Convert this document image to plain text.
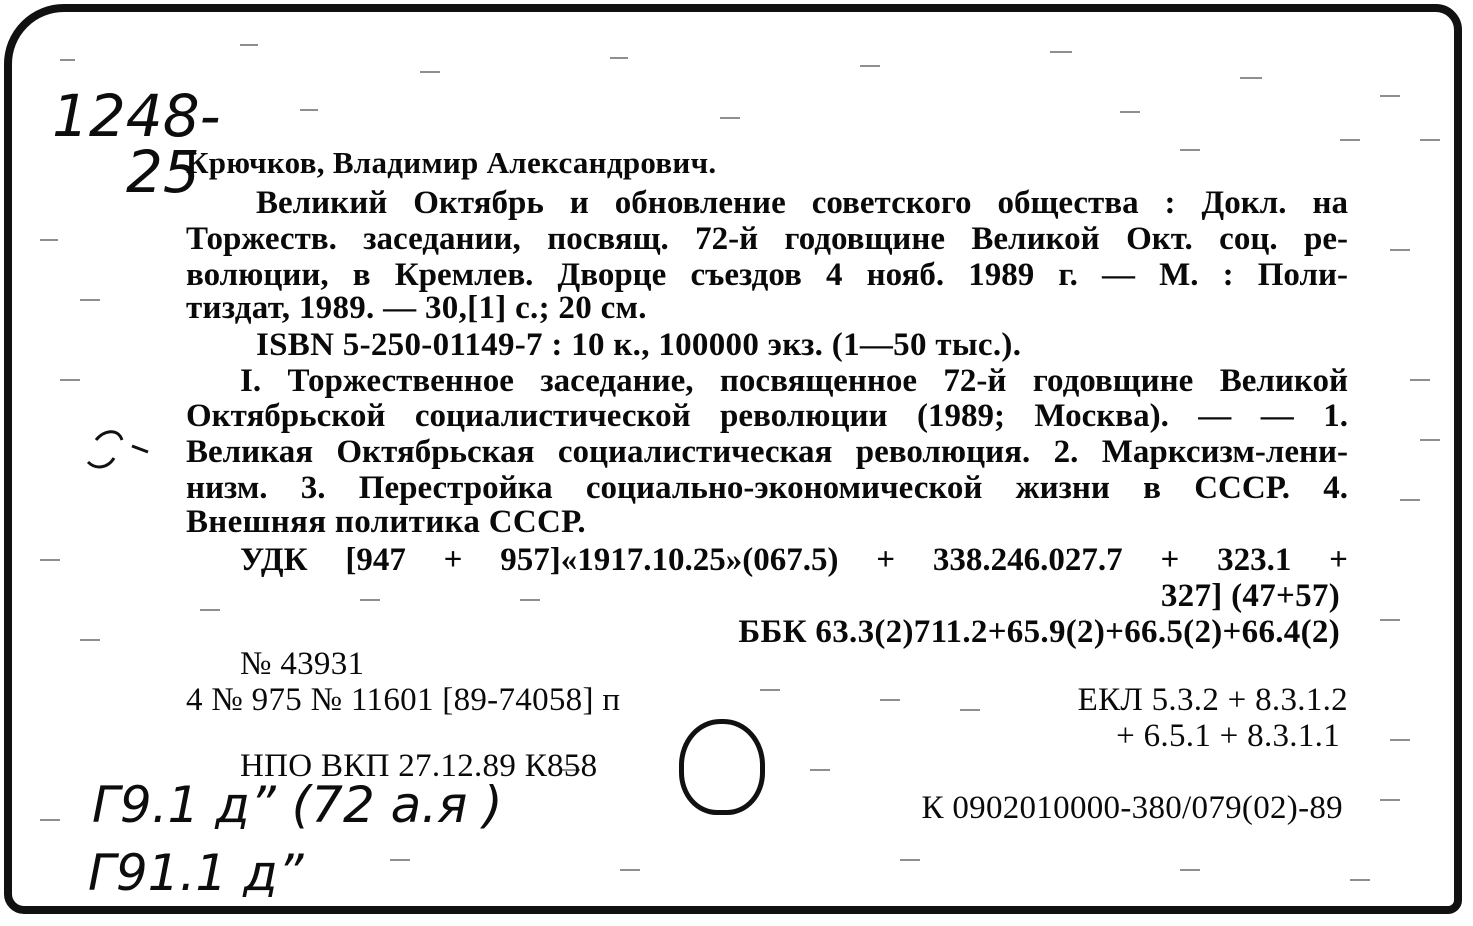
1248-
25
Крючков, Владимир Александрович.
Великий Октябрь и обновление советского общества : Докл. на
Торжеств. заседании, посвящ. 72-й годовщине Великой Окт. соц. ре-
волюции, в Кремлев. Дворце съездов 4 нояб. 1989 г. — М. : Поли-
тиздат, 1989. — 30,[1] с.; 20 см.
ISBN 5-250-01149-7 : 10 к., 100000 экз. (1—50 тыс.).
I. Торжественное заседание, посвященное 72-й годовщине Великой
Октябрьской социалистической революции (1989; Москва). — — 1.
Великая Октябрьская социалистическая революция. 2. Марксизм-лени-
низм. 3. Перестройка социально-экономической жизни в СССР. 4.
Внешняя политика СССР.
УДК [947 + 957]«1917.10.25»(067.5) + 338.246.027.7 + 323.1 +
327] (47+57)
ББК 63.3(2)711.2+65.9(2)+66.5(2)+66.4(2)
№ 43931
4 № 975 № 11601 [89-74058] п	ЕКЛ 5.3.2 + 8.3.1.2
+ 6.5.1 + 8.3.1.1
НПО ВКП 27.12.89 К858
К 0902010000-380/079(02)-89
Г9.1 д” (72 а.я )
Г91.1 д”
